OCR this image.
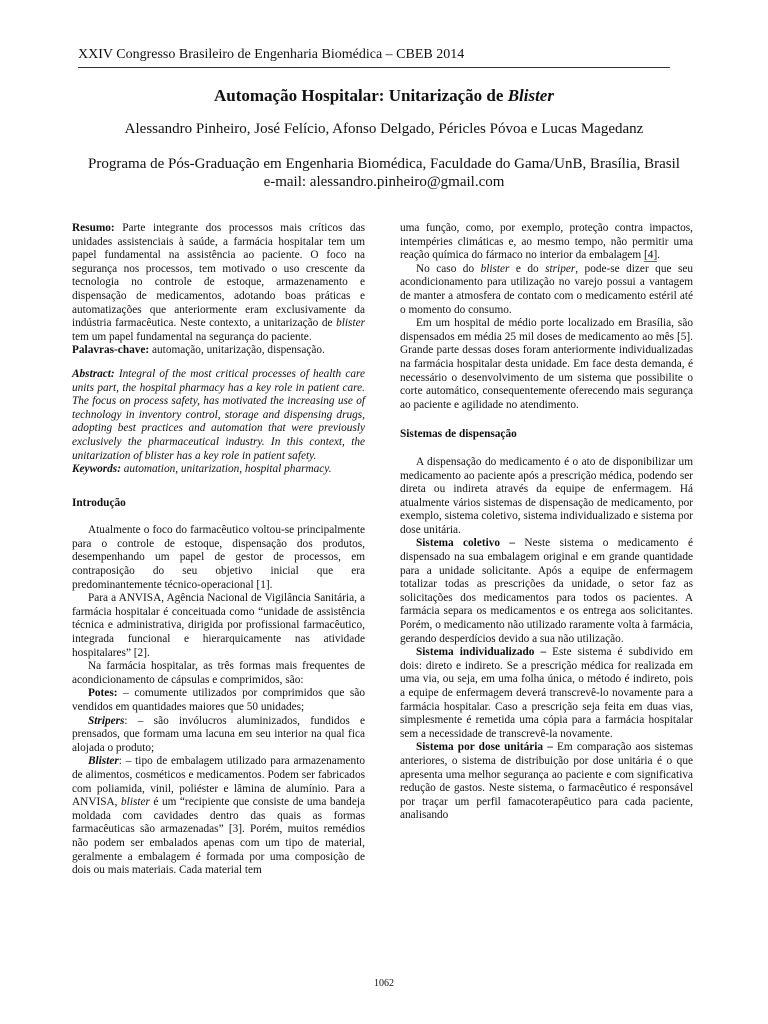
XXIV Congresso Brasileiro de Engenharia Biomédica – CBEB 2014
Automação Hospitalar: Unitarização de Blister
Alessandro Pinheiro, José Felício, Afonso Delgado, Péricles Póvoa e Lucas Magedanz
Programa de Pós-Graduação em Engenharia Biomédica, Faculdade do Gama/UnB, Brasília, Brasil
e-mail: alessandro.pinheiro@gmail.com

Resumo: Parte integrante dos processos mais críticos das unidades assistenciais à saúde, a farmácia hospitalar tem um papel fundamental na assistência ao paciente. O foco na segurança nos processos, tem motivado o uso crescente da tecnologia no controle de estoque, armazenamento e dispensação de medicamentos, adotando boas práticas e automatizações que anteriormente eram exclusivamente da indústria farmacêutica. Neste contexto, a unitarização de blister tem um papel fundamental na segurança do paciente.

Palavras-chave: automação, unitarização, dispensação.

Abstract: Integral of the most critical processes of health care units part, the hospital pharmacy has a key role in patient care. The focus on process safety, has motivated the increasing use of technology in inventory control, storage and dispensing drugs, adopting best practices and automation that were previously exclusively the pharmaceutical industry. In this context, the unitarization of blister has a key role in patient safety.

Keywords: automation, unitarization, hospital pharmacy.

Introdução

Atualmente o foco do farmacêutico voltou-se principalmente para o controle de estoque, dispensação dos produtos, desempenhando um papel de gestor de processos, em contraposição do seu objetivo inicial que era predominantemente técnico-operacional [1].

Para a ANVISA, Agência Nacional de Vigilância Sanitária, a farmácia hospitalar é conceituada como “unidade de assistência técnica e administrativa, dirigida por profissional farmacêutico, integrada funcional e hierarquicamente nas atividade hospitalares” [2].

Na farmácia hospitalar, as três formas mais frequentes de acondicionamento de cápsulas e comprimidos, são:

Potes: – comumente utilizados por comprimidos que são vendidos em quantidades maiores que 50 unidades;

Stripers: – são invólucros aluminizados, fundidos e prensados, que formam uma lacuna em seu interior na qual fica alojada o produto;

Blister: – tipo de embalagem utilizado para armazenamento de alimentos, cosméticos e medicamentos. Podem ser fabricados com poliamida, vinil, poliéster e lâmina de alumínio. Para a ANVISA, blister é um “recipiente que consiste de uma bandeja moldada com cavidades dentro das quais as formas farmacêuticas são armazenadas” [3]. Porém, muitos remédios não podem ser embalados apenas com um tipo de material, geralmente a embalagem é formada por uma composição de dois ou mais materiais. Cada material tem

uma função, como, por exemplo, proteção contra impactos, intempéries climáticas e, ao mesmo tempo, não permitir uma reação química do fármaco no interior da embalagem [4].

No caso do blister e do striper, pode-se dizer que seu acondicionamento para utilização no varejo possui a vantagem de manter a atmosfera de contato com o medicamento estéril até o momento do consumo.

Em um hospital de médio porte localizado em Brasília, são dispensados em média 25 mil doses de medicamento ao mês [5]. Grande parte dessas doses foram anteriormente individualizadas na farmácia hospitalar desta unidade. Em face desta demanda, é necessário o desenvolvimento de um sistema que possibilite o corte automático, consequentemente oferecendo mais segurança ao paciente e agilidade no atendimento.

Sistemas de dispensação

A dispensação do medicamento é o ato de disponibilizar um medicamento ao paciente após a prescrição médica, podendo ser direta ou indireta através da equipe de enfermagem. Há atualmente vários sistemas de dispensação de medicamento, por exemplo, sistema coletivo, sistema individualizado e sistema por dose unitária.

Sistema coletivo – Neste sistema o medicamento é dispensado na sua embalagem original e em grande quantidade para a unidade solicitante. Após a equipe de enfermagem totalizar todas as prescrições da unidade, o setor faz as solicitações dos medicamentos para todos os pacientes. A farmácia separa os medicamentos e os entrega aos solicitantes. Porém, o medicamento não utilizado raramente volta à farmácia, gerando desperdícios devido a sua não utilização.

Sistema individualizado – Este sistema é subdivido em dois: direto e indireto. Se a prescrição médica for realizada em uma via, ou seja, em uma folha única, o método é indireto, pois a equipe de enfermagem deverá transcrevê-lo novamente para a farmácia hospitalar. Caso a prescrição seja feita em duas vias, simplesmente é remetida uma cópia para a farmácia hospitalar sem a necessidade de transcrevê-la novamente.

Sistema por dose unitária – Em comparação aos sistemas anteriores, o sistema de distribuição por dose unitária é o que apresenta uma melhor segurança ao paciente e com significativa redução de gastos. Neste sistema, o farmacêutico é responsável por traçar um perfil famacoterapêutico para cada paciente, analisando

1062
